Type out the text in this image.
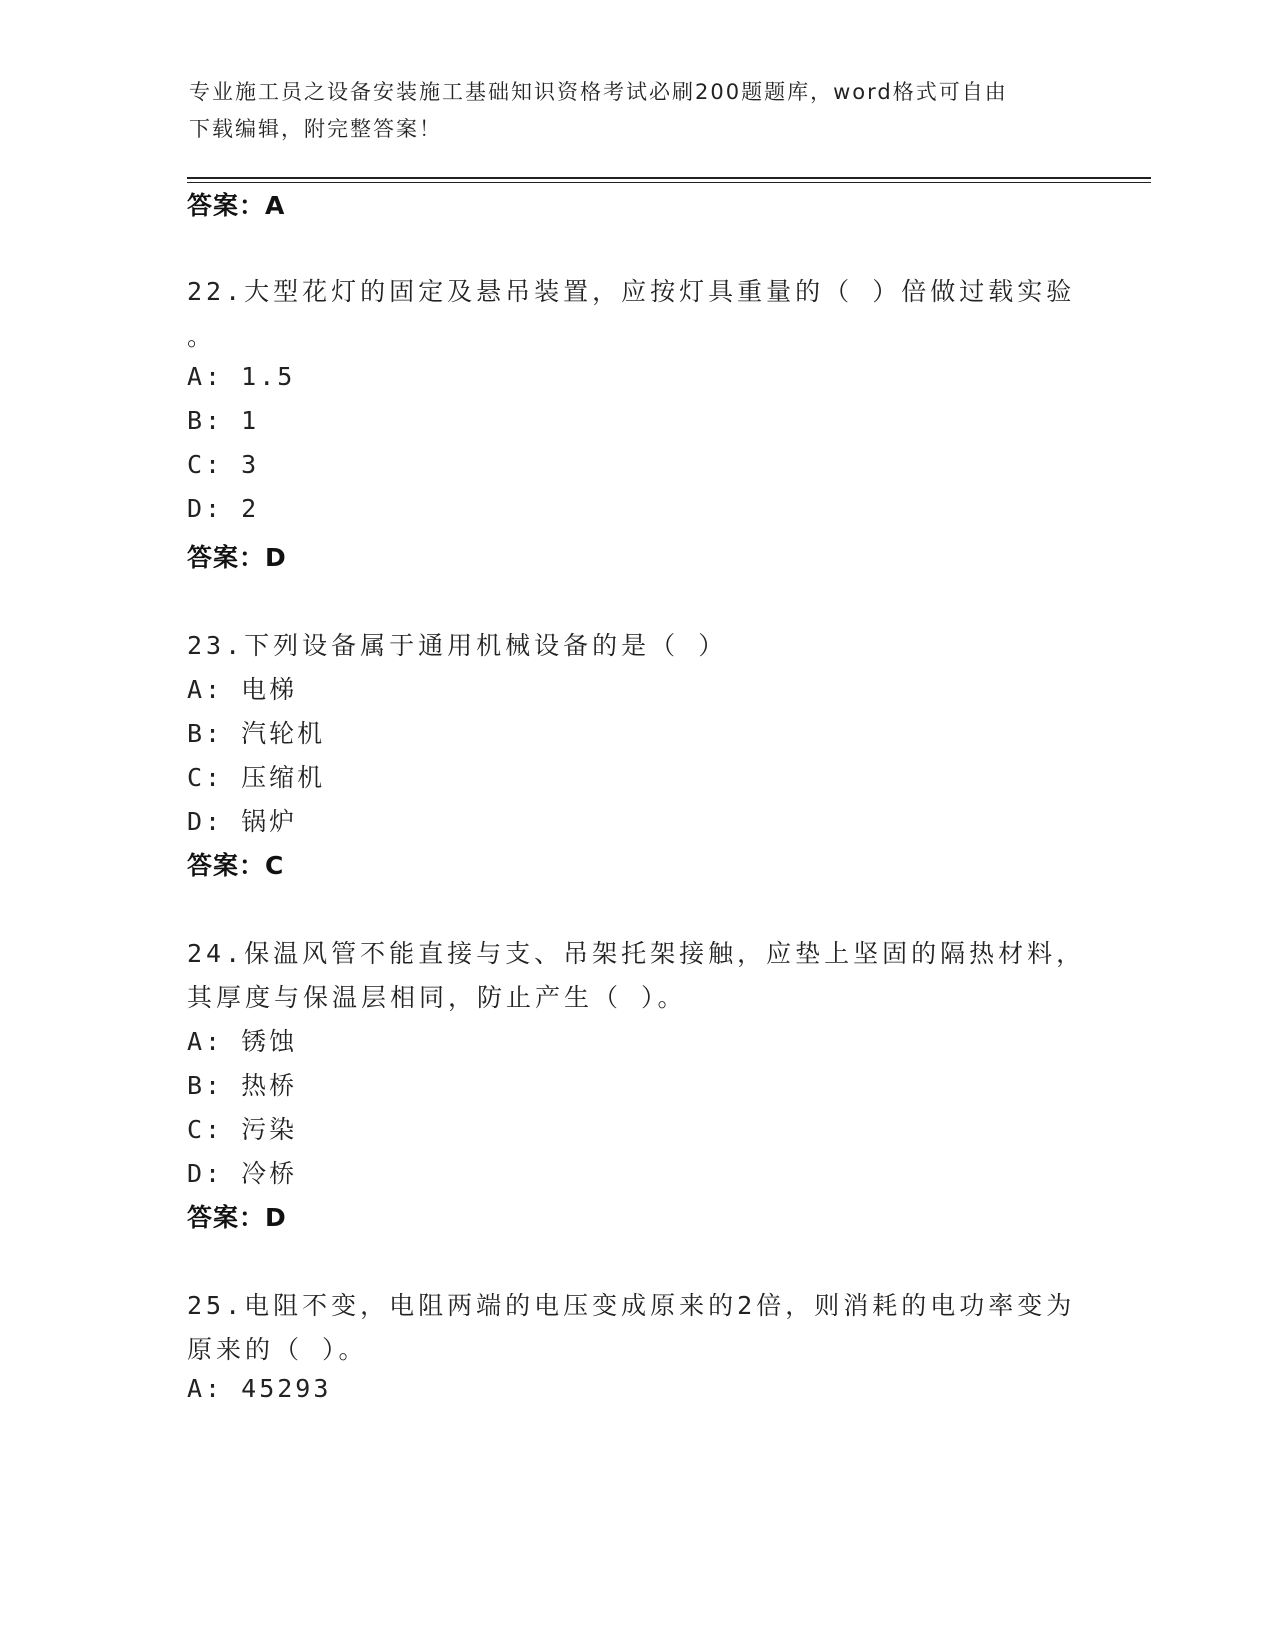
专业施工员之设备安装施工基础知识资格考试必刷200题题库，word格式可自由
下载编辑，附完整答案！
答案：A
22.大型花灯的固定及悬吊装置，应按灯具重量的（ ）倍做过载实验
。
A: 1.5
B: 1
C: 3
D: 2
答案：D
23.下列设备属于通用机械设备的是（ ）
A: 电梯
B: 汽轮机
C: 压缩机
D: 锅炉
答案：C
24.保温风管不能直接与支、吊架托架接触，应垫上坚固的隔热材料，
其厚度与保温层相同，防止产生（ ）。
A: 锈蚀
B: 热桥
C: 污染
D: 冷桥
答案：D
25.电阻不变，电阻两端的电压变成原来的2倍，则消耗的电功率变为
原来的（ ）。
A: 45293
